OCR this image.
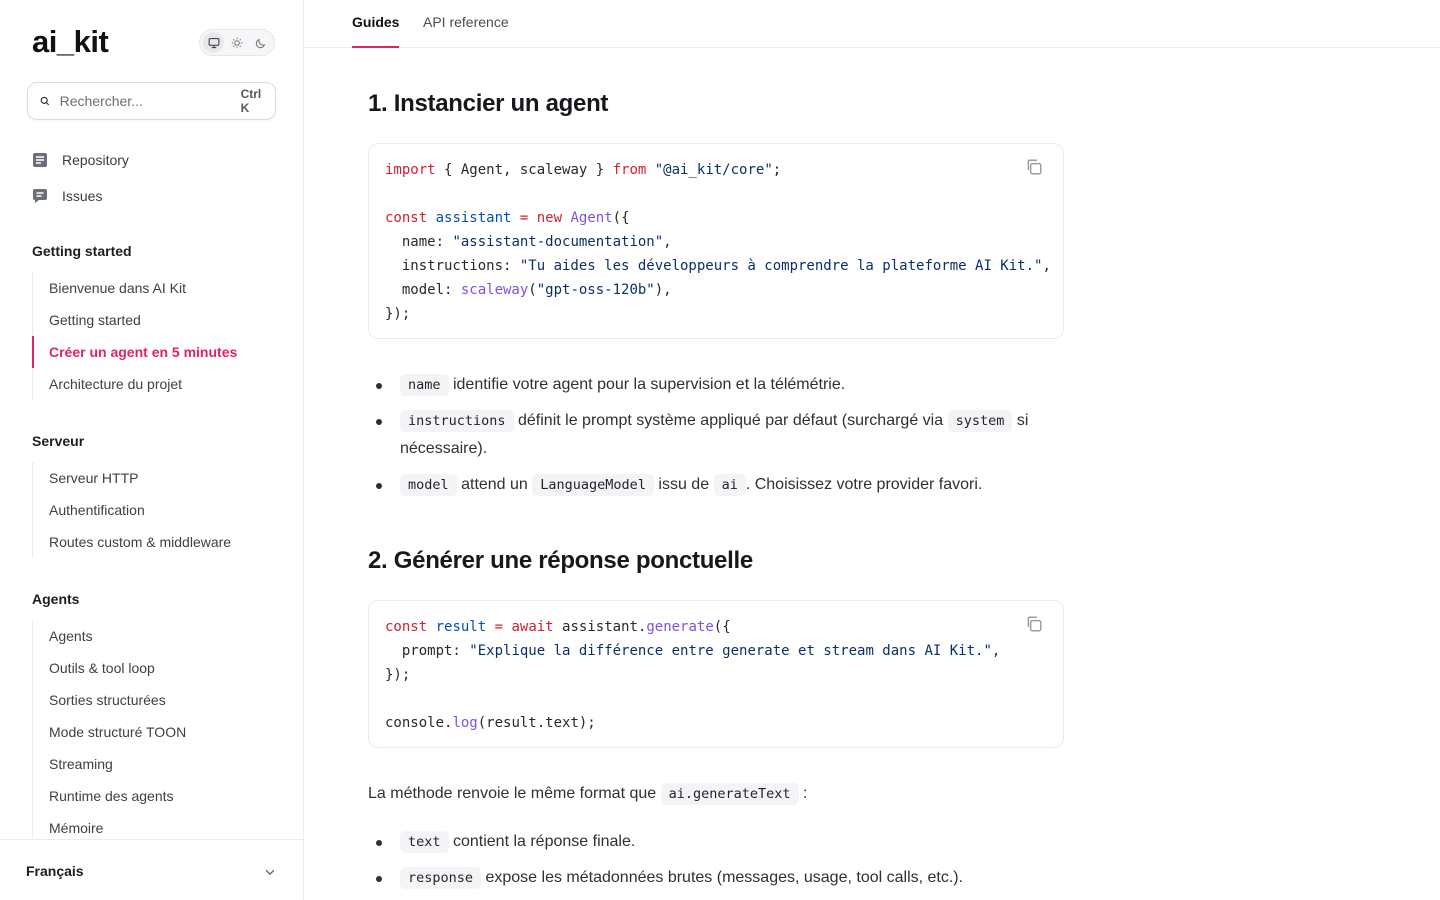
ai_kit
Rechercher...
Ctrl K
Repository
Issues
Getting started
Bienvenue dans AI Kit
Getting started
Créer un agent en 5 minutes
Architecture du projet
Serveur
Serveur HTTP
Authentification
Routes custom & middleware
Agents
Agents
Outils & tool loop
Sorties structurées
Mode structuré TOON
Streaming
Runtime des agents
Mémoire
Français
Guides API reference
1. Instancier un agent
import { Agent, scaleway } from "@ai_kit/core";

const assistant = new Agent({
name: "assistant-documentation",
instructions: "Tu aides les développeurs à comprendre la plateforme AI Kit.",
model: scaleway("gpt-oss-120b"),
});
name identifie votre agent pour la supervision et la télémétrie.
instructions définit le prompt système appliqué par défaut (surchargé via system si nécessaire).
model attend un LanguageModel issu de ai . Choisissez votre provider favori.
2. Générer une réponse ponctuelle
const result = await assistant.generate({
prompt: "Explique la différence entre generate et stream dans AI Kit.",
});

console.log(result.text);

La méthode renvoie le même format que ai.generateText :

text contient la réponse finale.
response expose les métadonnées brutes (messages, usage, tool calls, etc.).
